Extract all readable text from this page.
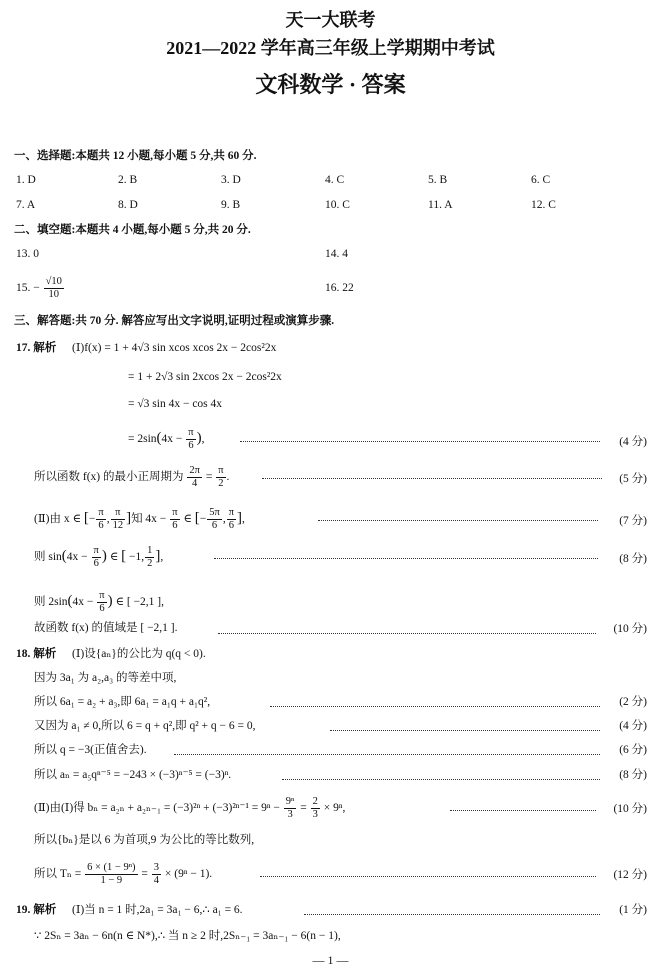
天一大联考
2021—2022 学年高三年级上学期期中考试
文科数学 · 答案
一、选择题:本题共 12 小题,每小题 5 分,共 60 分.
1. D	2. B	3. D	4. C	5. B	6. C
7. A	8. D	9. B	10. C	11. A	12. C
二、填空题:本题共 4 小题,每小题 5 分,共 20 分.
13. 0	14. 4
15. − $\frac{√10}{10}$	16. 22
三、解答题:共 70 分. 解答应写出文字说明,证明过程或演算步骤.
17. 解析 (Ⅰ)f(x) = 1 + 4√3 sin xcos xcos 2x − 2cos²2x
= 1 + 2√3 sin 2xcos 2x − 2cos²2x
= √3 sin 4x − cos 4x
= $2\sin(4x - \frac{\pi}{6}$ ),	(4 分)
所以函数 f(x) 的最小正周期为 $\frac{2\pi}{4} = \frac{\pi}{2}$ .	(5 分)
(Ⅱ)由 x ∈ [− $\frac{\pi}{6}$ , $\frac{\pi}{12}$ ]知 $4x - \frac{\pi}{6}$ ∈ [− $\frac{5\pi}{6}$ , $\frac{\pi}{6}$ ],	(7 分)
则 $\sin(4x - \frac{\pi}{6}$ ) ∈ [ −1, $\frac{1}{2}$ ],	(8 分)
则 $2\sin(4x - \frac{\pi}{6}$ ) ∈ [ −2,1 ],
故函数 f(x) 的值域是 [ −2,1 ].	(10 分)
18. 解析 (Ⅰ)设{aₙ}的公比为 q(q < 0).
因为 3a₁ 为 a₂,a₃ 的等差中项,
所以 6a₁ = a₂ + a₃,即 6a₁ = a₁q + a₁q²,	(2 分)
又因为 a₁ ≠ 0,所以 6 = q + q²,即 q² + q − 6 = 0,	(4 分)
所以 q = −3(正值舍去).	(6 分)
所以 aₙ = a₅qⁿ⁻⁵ = −243 × (−3)ⁿ⁻⁵ = (−3)ⁿ.	(8 分)
(Ⅱ)由(Ⅰ)得 $b_n = a_{2n} + a_{2n-1} = (-3)^{2n} + (-3)^{2n-1} = 9^n - \frac{\text{9ⁿ}}{3} = \frac{2}{3} \times 9^n$,	(10 分)
所以{bₙ}是以 6 为首项,9 为公比的等比数列,
所以 $T_n = \frac{\text{6 × (1 − 9ⁿ)}}{1 - 9} = \frac{3}{4} \times (9^n - 1)$.	(12 分)
19. 解析 (Ⅰ)当 n = 1 时,2a₁ = 3a₁ − 6,∴ a₁ = 6.	(1 分)
∵ 2Sₙ = 3aₙ − 6n(n ∈ N*),∴ 当 n ≥ 2 时,2Sₙ₋₁ = 3aₙ₋₁ − 6(n − 1),
— 1 —
